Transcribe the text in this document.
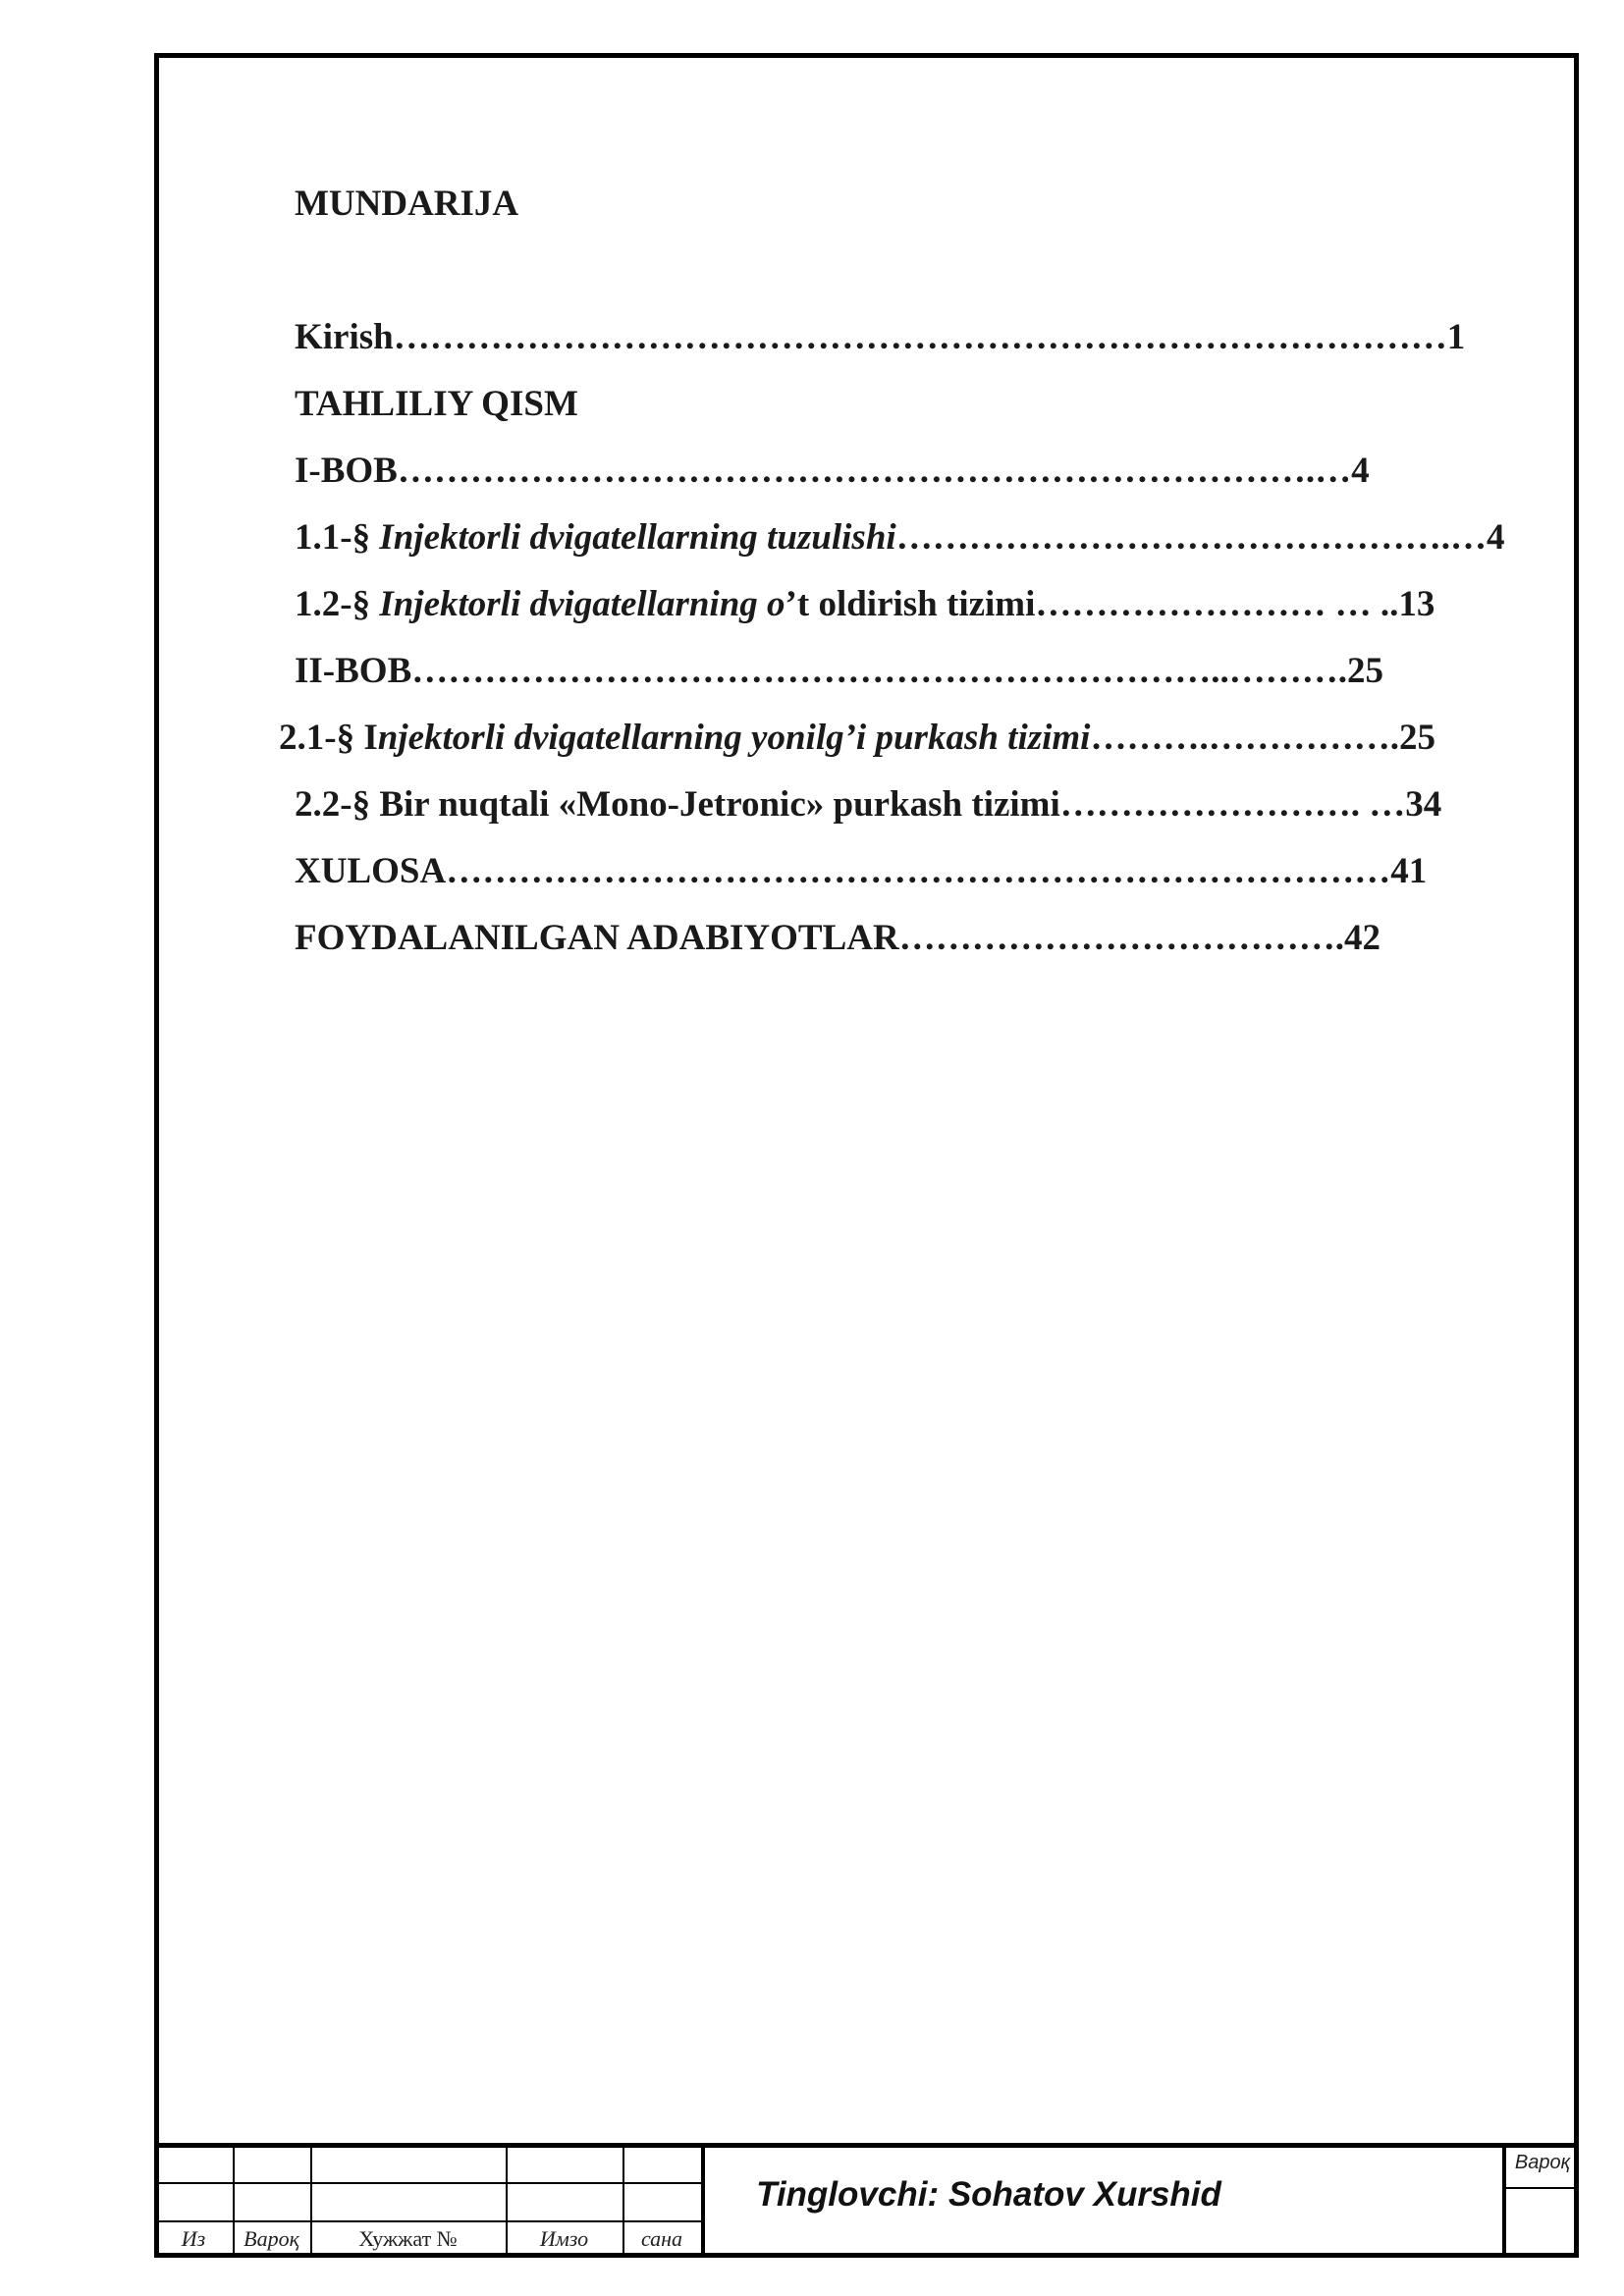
MUNDARIJA
Kirish……………………………………………………………………………1
TAHLILIY QISM
I-BOB………………………………………………………………….…4
1.1-§ Injektorli dvigatellarning tuzulishi……………………………………….…4
1.2-§ Injektorli dvigatellarning o’t oldirish tizimi…………………… … ..13
II-BOB…………………………………………………………..……….25
2.1-§ Injektorli dvigatellarning yonilg’i purkash tizimi……….…………….25
2.2-§ Bir nuqtali «Mono-Jetronic» purkash tizimi……………………. …34
XULOSA……………………………………………………………………41
FOYDALANILGAN ADABIYOTLAR……………………………….42
Из	Вароқ	Хужжат №	Имзо	сана
Tinglovchi: Sohatov Xurshid
Вароқ
